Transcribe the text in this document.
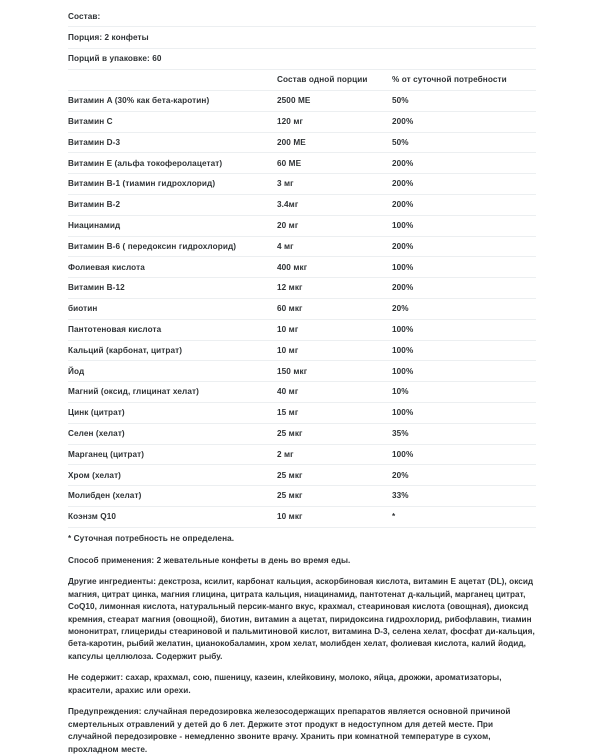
Состав:
Порция: 2 конфеты
Порций в упаковке: 60
	Состав одной порции	% от суточной потребности
Витамин A (30% как бета-каротин)	2500 МЕ	50%
Витамин C	120 мг	200%
Витамин D-3	200 МЕ	50%
Витамин Е (альфа токоферолацетат)	60 МЕ	200%
Витамин В-1 (тиамин гидрохлорид)	3 мг	200%
Витамин В-2	3.4мг	200%
Ниацинамид	20 мг	100%
Витамин В-6 ( передоксин гидрохлорид)	4 мг	200%
Фолиевая кислота	400 мкг	100%
Витамин В-12	12 мкг	200%
биотин	60 мкг	20%
Пантотеновая кислота	10 мг	100%
Кальций (карбонат, цитрат)	10 мг	100%
Йод	150 мкг	100%
Магний (оксид, глицинат хелат)	40 мг	10%
Цинк (цитрат)	15 мг	100%
Селен (хелат)	25 мкг	35%
Марганец (цитрат)	2 мг	100%
Хром (хелат)	25 мкг	20%
Молибден (хелат)	25 мкг	33%
Коэнзм Q10	10 мкг	*
* Суточная потребность не определена.

Способ применения: 2 жевательные конфеты в день во время еды.

Другие ингредиенты: декстроза, ксилит, карбонат кальция, аскорбиновая кислота, витамин Е ацетат (DL), оксид магния, цитрат цинка, магния глицина, цитрата кальция, ниацинамид, пантотенат д-кальций, марганец цитрат, CoQ10, лимонная кислота, натуральный персик-манго вкус, крахмал, стеариновая кислота (овощная), диоксид кремния, стеарат магния (овощной), биотин, витамин а ацетат, пиридоксина гидрохлорид, рибофлавин, тиамин мононитрат, глицериды стеариновой и пальмитиновой кислот, витамина D-3, селена хелат, фосфат ди-кальция, бета-каротин, рыбий желатин, цианокобаламин, хром хелат, молибден хелат, фолиевая кислота, калий йодид, капсулы целлюлоза. Содержит рыбу.

Не содержит: сахар, крахмал, сою, пшеницу, казеин, клейковину, молоко, яйца, дрожжи, ароматизаторы, красители, арахис или орехи.

Предупреждения: случайная передозировка железосодержащих препаратов является основной причиной смертельных отравлений у детей до 6 лет. Держите этот продукт в недоступном для детей месте. При случайной передозировке - немедленно звоните врачу. Хранить при комнатной температуре в сухом, прохладном месте.
